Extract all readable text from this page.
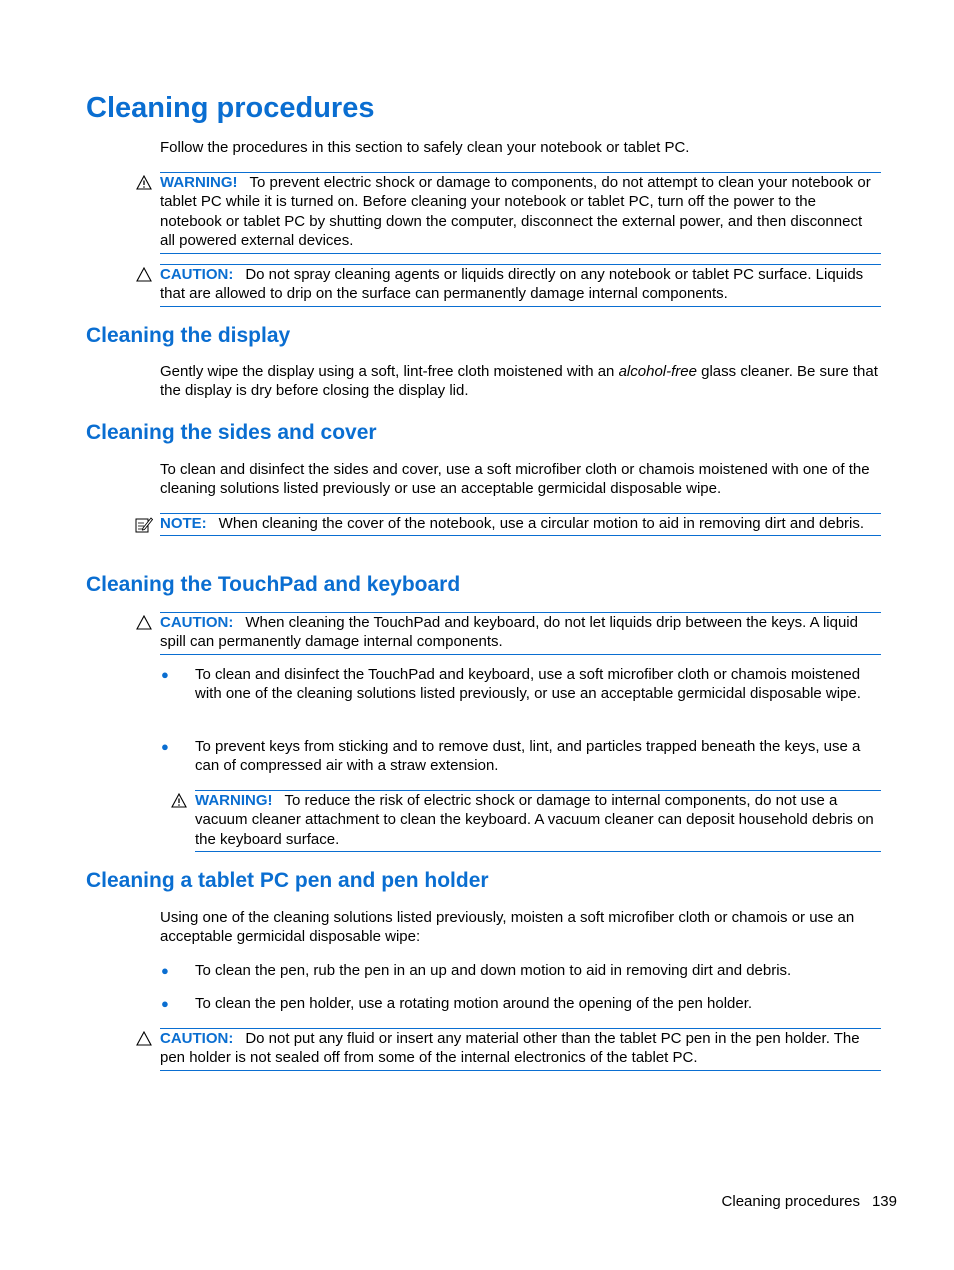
Cleaning procedures

Follow the procedures in this section to safely clean your notebook or tablet PC.

WARNING! To prevent electric shock or damage to components, do not attempt to clean your notebook or tablet PC while it is turned on. Before cleaning your notebook or tablet PC, turn off the power to the notebook or tablet PC by shutting down the computer, disconnect the external power, and then disconnect all powered external devices.
CAUTION: Do not spray cleaning agents or liquids directly on any notebook or tablet PC surface. Liquids that are allowed to drip on the surface can permanently damage internal components.
Cleaning the display

Gently wipe the display using a soft, lint-free cloth moistened with an alcohol-free glass cleaner. Be sure that the display is dry before closing the display lid.

Cleaning the sides and cover

To clean and disinfect the sides and cover, use a soft microfiber cloth or chamois moistened with one of the cleaning solutions listed previously or use an acceptable germicidal disposable wipe.

NOTE: When cleaning the cover of the notebook, use a circular motion to aid in removing dirt and debris.
Cleaning the TouchPad and keyboard
CAUTION: When cleaning the TouchPad and keyboard, do not let liquids drip between the keys. A liquid spill can permanently damage internal components.
● To clean and disinfect the TouchPad and keyboard, use a soft microfiber cloth or chamois moistened with one of the cleaning solutions listed previously, or use an acceptable germicidal disposable wipe.

● To prevent keys from sticking and to remove dust, lint, and particles trapped beneath the keys, use a can of compressed air with a straw extension.

WARNING! To reduce the risk of electric shock or damage to internal components, do not use a vacuum cleaner attachment to clean the keyboard. A vacuum cleaner can deposit household debris on the keyboard surface.
Cleaning a tablet PC pen and pen holder

Using one of the cleaning solutions listed previously, moisten a soft microfiber cloth or chamois or use an acceptable germicidal disposable wipe:

● To clean the pen, rub the pen in an up and down motion to aid in removing dirt and debris.

● To clean the pen holder, use a rotating motion around the opening of the pen holder.

CAUTION: Do not put any fluid or insert any material other than the tablet PC pen in the pen holder. The pen holder is not sealed off from some of the internal electronics of the tablet PC.
Cleaning procedures 139
